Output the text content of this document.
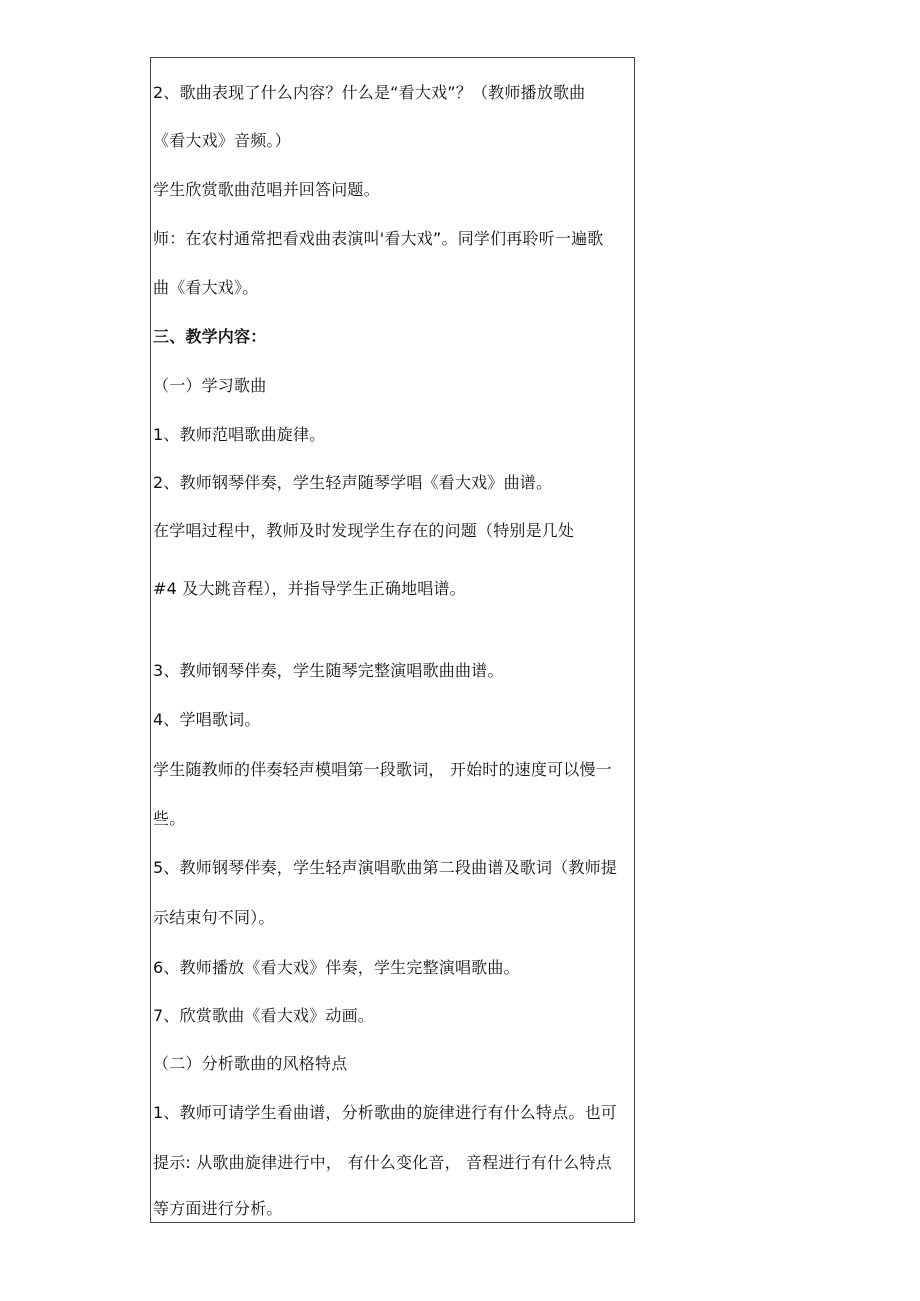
2、歌曲表现了什么内容？什么是“看大戏”？（教师播放歌曲
《看大戏》音频。）
学生欣赏歌曲范唱并回答问题。
师：在农村通常把看戏曲表演叫'看大戏”。同学们再聆听一遍歌
曲《看大戏》。
三、教学内容：
（一）学习歌曲
1、教师范唱歌曲旋律。
2、教师钢琴伴奏，学生轻声随琴学唱《看大戏》曲谱。
在学唱过程中，教师及时发现学生存在的问题（特别是几处
#4 及大跳音程），并指导学生正确地唱谱。
3、教师钢琴伴奏，学生随琴完整演唱歌曲曲谱。
4、学唱歌词。
学生随教师的伴奏轻声模唱第一段歌词， 开始时的速度可以慢一
些。
5、教师钢琴伴奏，学生轻声演唱歌曲第二段曲谱及歌词（教师提
示结束句不同）。
6、教师播放《看大戏》伴奏，学生完整演唱歌曲。
7、欣赏歌曲《看大戏》动画。
（二）分析歌曲的风格特点
1、教师可请学生看曲谱，分析歌曲的旋律进行有什么特点。也可
提示: 从歌曲旋律进行中， 有什么变化音， 音程进行有什么特点
等方面进行分析。
